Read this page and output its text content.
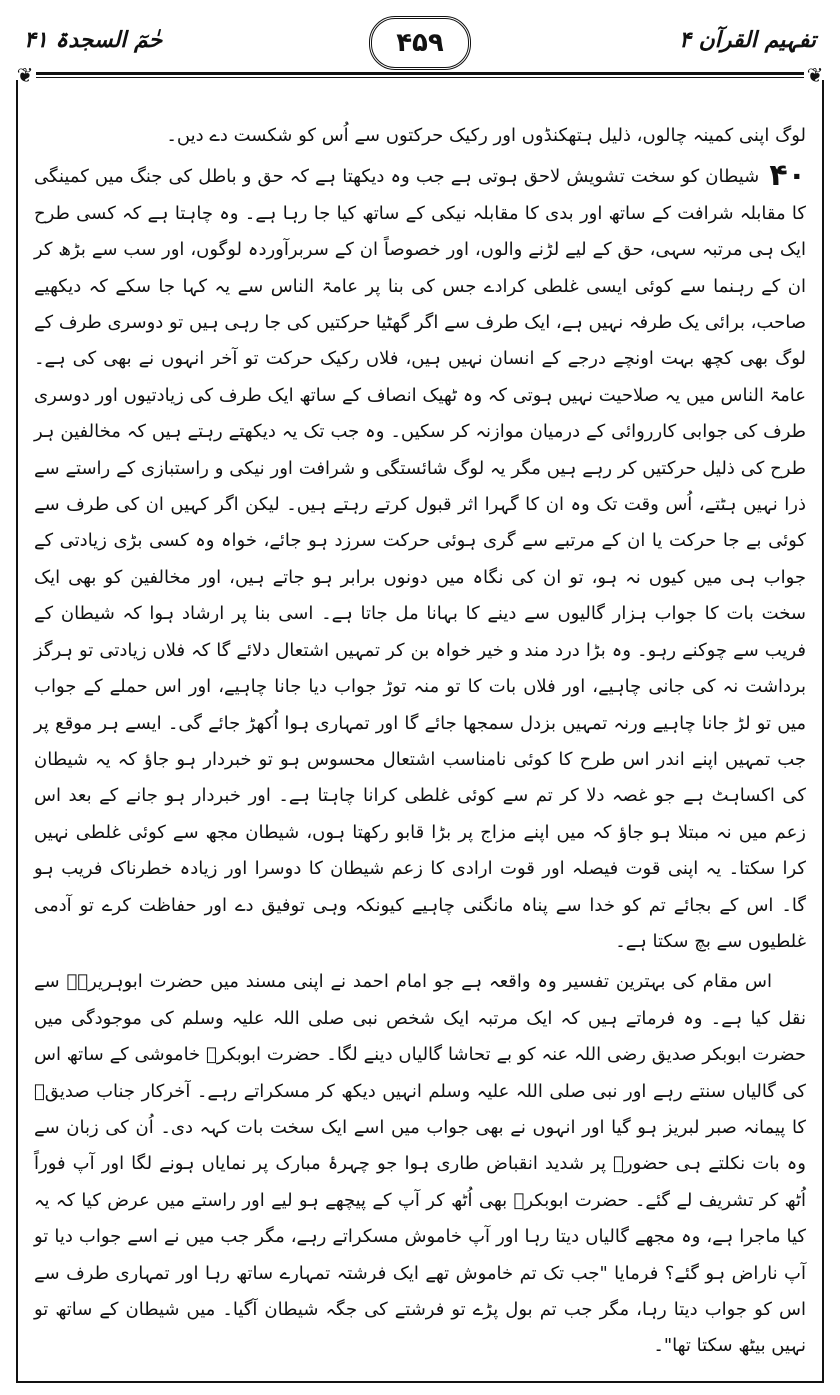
تفہیم القرآن ۴
۴۵۹
حٰمٓ السجدۃ ۴۱
❦	❦

لوگ اپنی کمینہ چالوں، ذلیل ہتھکنڈوں اور رکیک حرکتوں سے اُس کو شکست دے دیں۔

۴۰ شیطان کو سخت تشویش لاحق ہوتی ہے جب وہ دیکھتا ہے کہ حق و باطل کی جنگ میں کمینگی کا مقابلہ شرافت کے ساتھ اور بدی کا مقابلہ نیکی کے ساتھ کیا جا رہا ہے۔ وہ چاہتا ہے کہ کسی طرح ایک ہی مرتبہ سہی، حق کے لیے لڑنے والوں، اور خصوصاً ان کے سربرآوردہ لوگوں، اور سب سے بڑھ کر ان کے رہنما سے کوئی ایسی غلطی کرادے جس کی بنا پر عامۃ الناس سے یہ کہا جا سکے کہ دیکھیے صاحب، برائی یک طرفہ نہیں ہے، ایک طرف سے اگر گھٹیا حرکتیں کی جا رہی ہیں تو دوسری طرف کے لوگ بھی کچھ بہت اونچے درجے کے انسان نہیں ہیں، فلاں رکیک حرکت تو آخر انہوں نے بھی کی ہے۔ عامۃ الناس میں یہ صلاحیت نہیں ہوتی کہ وہ ٹھیک انصاف کے ساتھ ایک طرف کی زیادتیوں اور دوسری طرف کی جوابی کارروائی کے درمیان موازنہ کر سکیں۔ وہ جب تک یہ دیکھتے رہتے ہیں کہ مخالفین ہر طرح کی ذلیل حرکتیں کر رہے ہیں مگر یہ لوگ شائستگی و شرافت اور نیکی و راستبازی کے راستے سے ذرا نہیں ہٹتے، اُس وقت تک وہ ان کا گہرا اثر قبول کرتے رہتے ہیں۔ لیکن اگر کہیں ان کی طرف سے کوئی بے جا حرکت یا ان کے مرتبے سے گری ہوئی حرکت سرزد ہو جائے، خواہ وہ کسی بڑی زیادتی کے جواب ہی میں کیوں نہ ہو، تو ان کی نگاہ میں دونوں برابر ہو جاتے ہیں، اور مخالفین کو بھی ایک سخت بات کا جواب ہزار گالیوں سے دینے کا بہانا مل جاتا ہے۔ اسی بنا پر ارشاد ہوا کہ شیطان کے فریب سے چوکنے رہو۔ وہ بڑا درد مند و خیر خواہ بن کر تمہیں اشتعال دلائے گا کہ فلاں زیادتی تو ہرگز برداشت نہ کی جانی چاہیے، اور فلاں بات کا تو منہ توڑ جواب دیا جانا چاہیے، اور اس حملے کے جواب میں تو لڑ جانا چاہیے ورنہ تمہیں بزدل سمجھا جائے گا اور تمہاری ہوا اُکھڑ جائے گی۔ ایسے ہر موقع پر جب تمہیں اپنے اندر اس طرح کا کوئی نامناسب اشتعال محسوس ہو تو خبردار ہو جاؤ کہ یہ شیطان کی اکساہٹ ہے جو غصہ دلا کر تم سے کوئی غلطی کرانا چاہتا ہے۔ اور خبردار ہو جانے کے بعد اس زعم میں نہ مبتلا ہو جاؤ کہ میں اپنے مزاج پر بڑا قابو رکھتا ہوں، شیطان مجھ سے کوئی غلطی نہیں کرا سکتا۔ یہ اپنی قوت فیصلہ اور قوت ارادی کا زعم شیطان کا دوسرا اور زیادہ خطرناک فریب ہو گا۔ اس کے بجائے تم کو خدا سے پناہ مانگنی چاہیے کیونکہ وہی توفیق دے اور حفاظت کرے تو آدمی غلطیوں سے بچ سکتا ہے۔

اس مقام کی بہترین تفسیر وہ واقعہ ہے جو امام احمد نے اپنی مسند میں حضرت ابوہریرہؓ سے نقل کیا ہے۔ وہ فرماتے ہیں کہ ایک مرتبہ ایک شخص نبی صلی اللہ علیہ وسلم کی موجودگی میں حضرت ابوبکر صدیق رضی اللہ عنہ کو بے تحاشا گالیاں دینے لگا۔ حضرت ابوبکرؓ خاموشی کے ساتھ اس کی گالیاں سنتے رہے اور نبی صلی اللہ علیہ وسلم انہیں دیکھ کر مسکراتے رہے۔ آخرکار جناب صدیقؓ کا پیمانہ صبر لبریز ہو گیا اور انہوں نے بھی جواب میں اسے ایک سخت بات کہہ دی۔ اُن کی زبان سے وہ بات نکلتے ہی حضورؐ پر شدید انقباض طاری ہوا جو چہرۂ مبارک پر نمایاں ہونے لگا اور آپ فوراً اُٹھ کر تشریف لے گئے۔ حضرت ابوبکرؓ بھی اُٹھ کر آپ کے پیچھے ہو لیے اور راستے میں عرض کیا کہ یہ کیا ماجرا ہے، وہ مجھے گالیاں دیتا رہا اور آپ خاموش مسکراتے رہے، مگر جب میں نے اسے جواب دیا تو آپ ناراض ہو گئے؟ فرمایا "جب تک تم خاموش تھے ایک فرشتہ تمہارے ساتھ رہا اور تمہاری طرف سے اس کو جواب دیتا رہا، مگر جب تم بول پڑے تو فرشتے کی جگہ شیطان آگیا۔ میں شیطان کے ساتھ تو نہیں بیٹھ سکتا تھا"۔
